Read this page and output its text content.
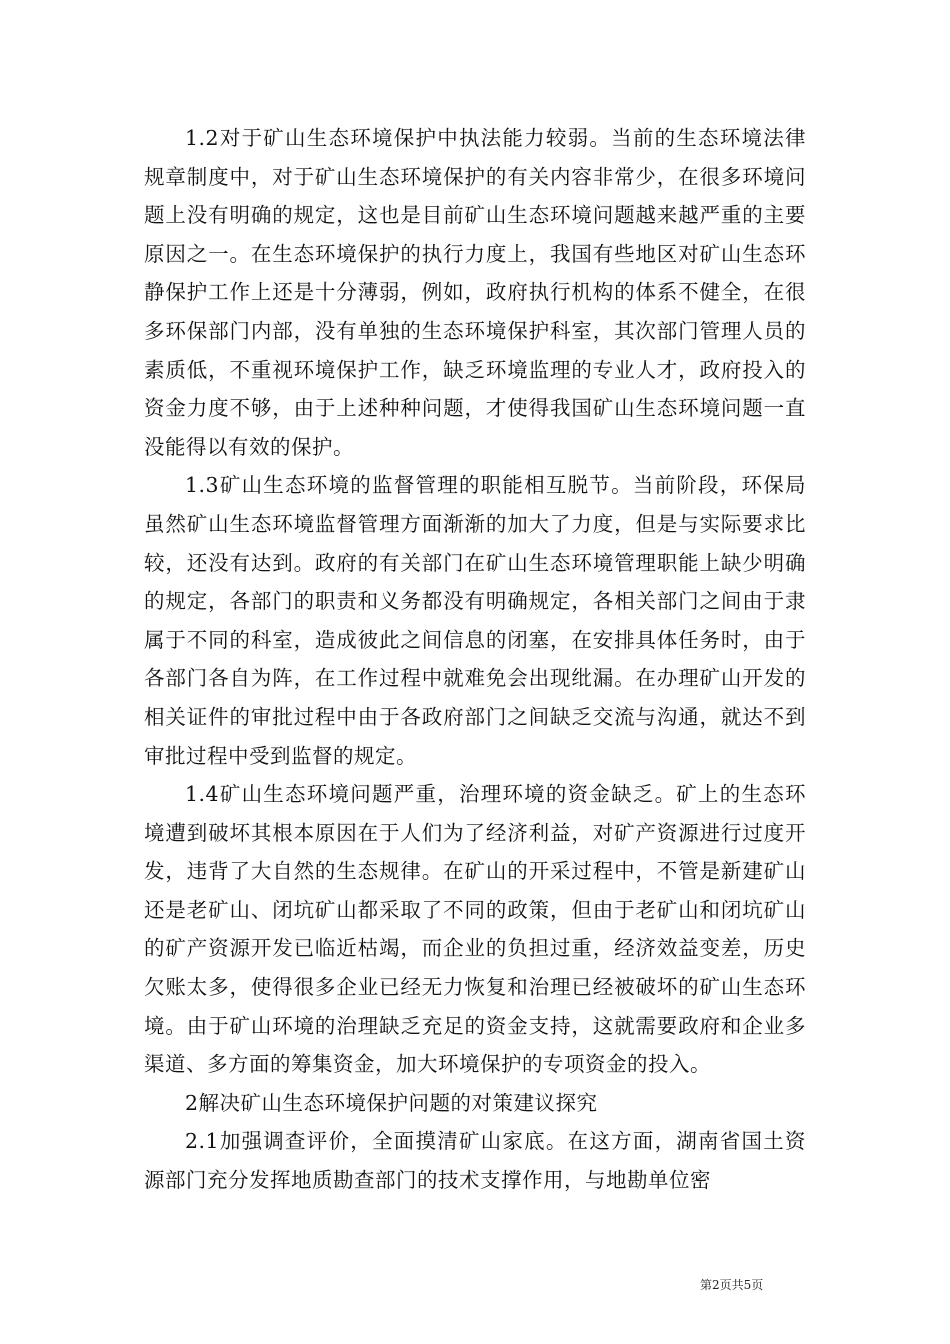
1.2对于矿山生态环境保护中执法能力较弱。当前的生态环境法律规章制度中，对于矿山生态环境保护的有关内容非常少，在很多环境问题上没有明确的规定，这也是目前矿山生态环境问题越来越严重的主要原因之一。在生态环境保护的执行力度上，我国有些地区对矿山生态环静保护工作上还是十分薄弱，例如，政府执行机构的体系不健全，在很多环保部门内部，没有单独的生态环境保护科室，其次部门管理人员的素质低，不重视环境保护工作，缺乏环境监理的专业人才，政府投入的资金力度不够，由于上述种种问题，才使得我国矿山生态环境问题一直没能得以有效的保护。

1.3矿山生态环境的监督管理的职能相互脱节。当前阶段，环保局虽然矿山生态环境监督管理方面渐渐的加大了力度，但是与实际要求比较，还没有达到。政府的有关部门在矿山生态环境管理职能上缺少明确的规定，各部门的职责和义务都没有明确规定，各相关部门之间由于隶属于不同的科室，造成彼此之间信息的闭塞，在安排具体任务时，由于各部门各自为阵，在工作过程中就难免会出现纰漏。在办理矿山开发的相关证件的审批过程中由于各政府部门之间缺乏交流与沟通，就达不到审批过程中受到监督的规定。

1.4矿山生态环境问题严重，治理环境的资金缺乏。矿上的生态环境遭到破坏其根本原因在于人们为了经济利益，对矿产资源进行过度开发，违背了大自然的生态规律。在矿山的开采过程中，不管是新建矿山还是老矿山、闭坑矿山都采取了不同的政策，但由于老矿山和闭坑矿山的矿产资源开发已临近枯竭，而企业的负担过重，经济效益变差，历史欠账太多，使得很多企业已经无力恢复和治理已经被破坏的矿山生态环境。由于矿山环境的治理缺乏充足的资金支持，这就需要政府和企业多渠道、多方面的筹集资金，加大环境保护的专项资金的投入。

2解决矿山生态环境保护问题的对策建议探究

2.1加强调查评价，全面摸清矿山家底。在这方面，湖南省国土资源部门充分发挥地质勘查部门的技术支撑作用，与地勘单位密

第2页共5页
